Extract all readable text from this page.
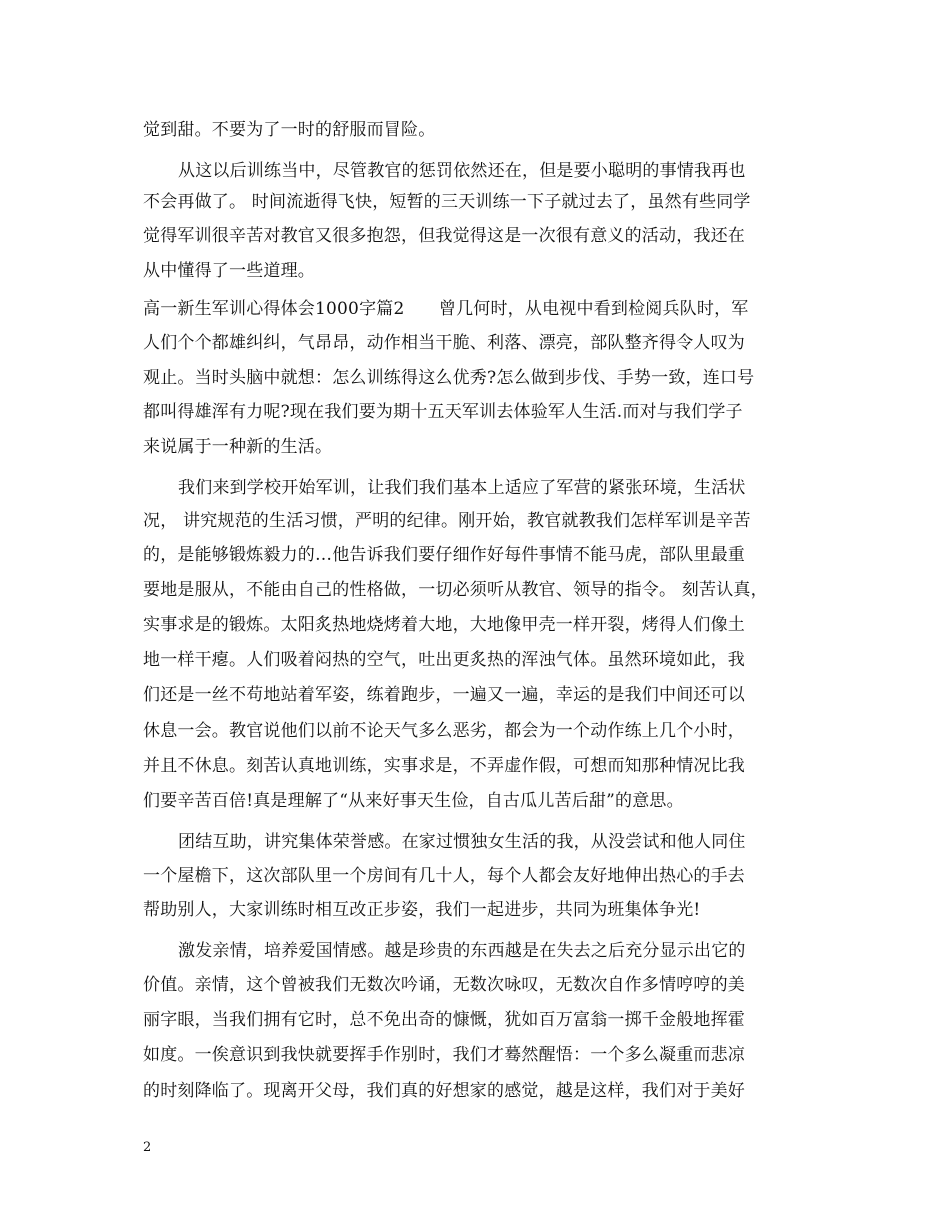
觉到甜。不要为了一时的舒服而冒险。
从这以后训练当中，尽管教官的惩罚依然还在，但是要小聪明的事情我再也
不会再做了。 时间流逝得飞快，短暂的三天训练一下子就过去了，虽然有些同学
觉得军训很辛苦对教官又很多抱怨，但我觉得这是一次很有意义的活动，我还在
从中懂得了一些道理。
高一新生军训心得体会1000字篇2　　曾几何时，从电视中看到检阅兵队时，军
人们个个都雄纠纠，气昂昂，动作相当干脆、利落、漂亮，部队整齐得令人叹为
观止。当时头脑中就想：怎么训练得这么优秀?怎么做到步伐、手势一致，连口号
都叫得雄浑有力呢?现在我们要为期十五天军训去体验军人生活.而对与我们学子
来说属于一种新的生活。
我们来到学校开始军训，让我们我们基本上适应了军营的紧张环境，生活状
况， 讲究规范的生活习惯，严明的纪律。刚开始，教官就教我们怎样军训是辛苦
的，是能够锻炼毅力的…他告诉我们要仔细作好每件事情不能马虎，部队里最重
要地是服从，不能由自己的性格做，一切必须听从教官、领导的指令。 刻苦认真，
实事求是的锻炼。太阳炙热地烧烤着大地，大地像甲壳一样开裂，烤得人们像土
地一样干瘪。人们吸着闷热的空气，吐出更炙热的浑浊气体。虽然环境如此，我
们还是一丝不苟地站着军姿，练着跑步，一遍又一遍，幸运的是我们中间还可以
休息一会。教官说他们以前不论天气多么恶劣，都会为一个动作练上几个小时，
并且不休息。刻苦认真地训练，实事求是，不弄虚作假，可想而知那种情况比我
们要辛苦百倍!真是理解了“从来好事天生俭，自古瓜儿苦后甜”的意思。
团结互助，讲究集体荣誉感。在家过惯独女生活的我，从没尝试和他人同住
一个屋檐下，这次部队里一个房间有几十人，每个人都会友好地伸出热心的手去
帮助别人，大家训练时相互改正步姿，我们一起进步，共同为班集体争光!
激发亲情，培养爱国情感。越是珍贵的东西越是在失去之后充分显示出它的
价值。亲情，这个曾被我们无数次吟诵，无数次咏叹，无数次自作多情哼哼的美
丽字眼，当我们拥有它时，总不免出奇的慷慨，犹如百万富翁一掷千金般地挥霍
如度。一俟意识到我快就要挥手作别时，我们才蓦然醒悟：一个多么凝重而悲凉
的时刻降临了。现离开父母，我们真的好想家的感觉，越是这样，我们对于美好
2
